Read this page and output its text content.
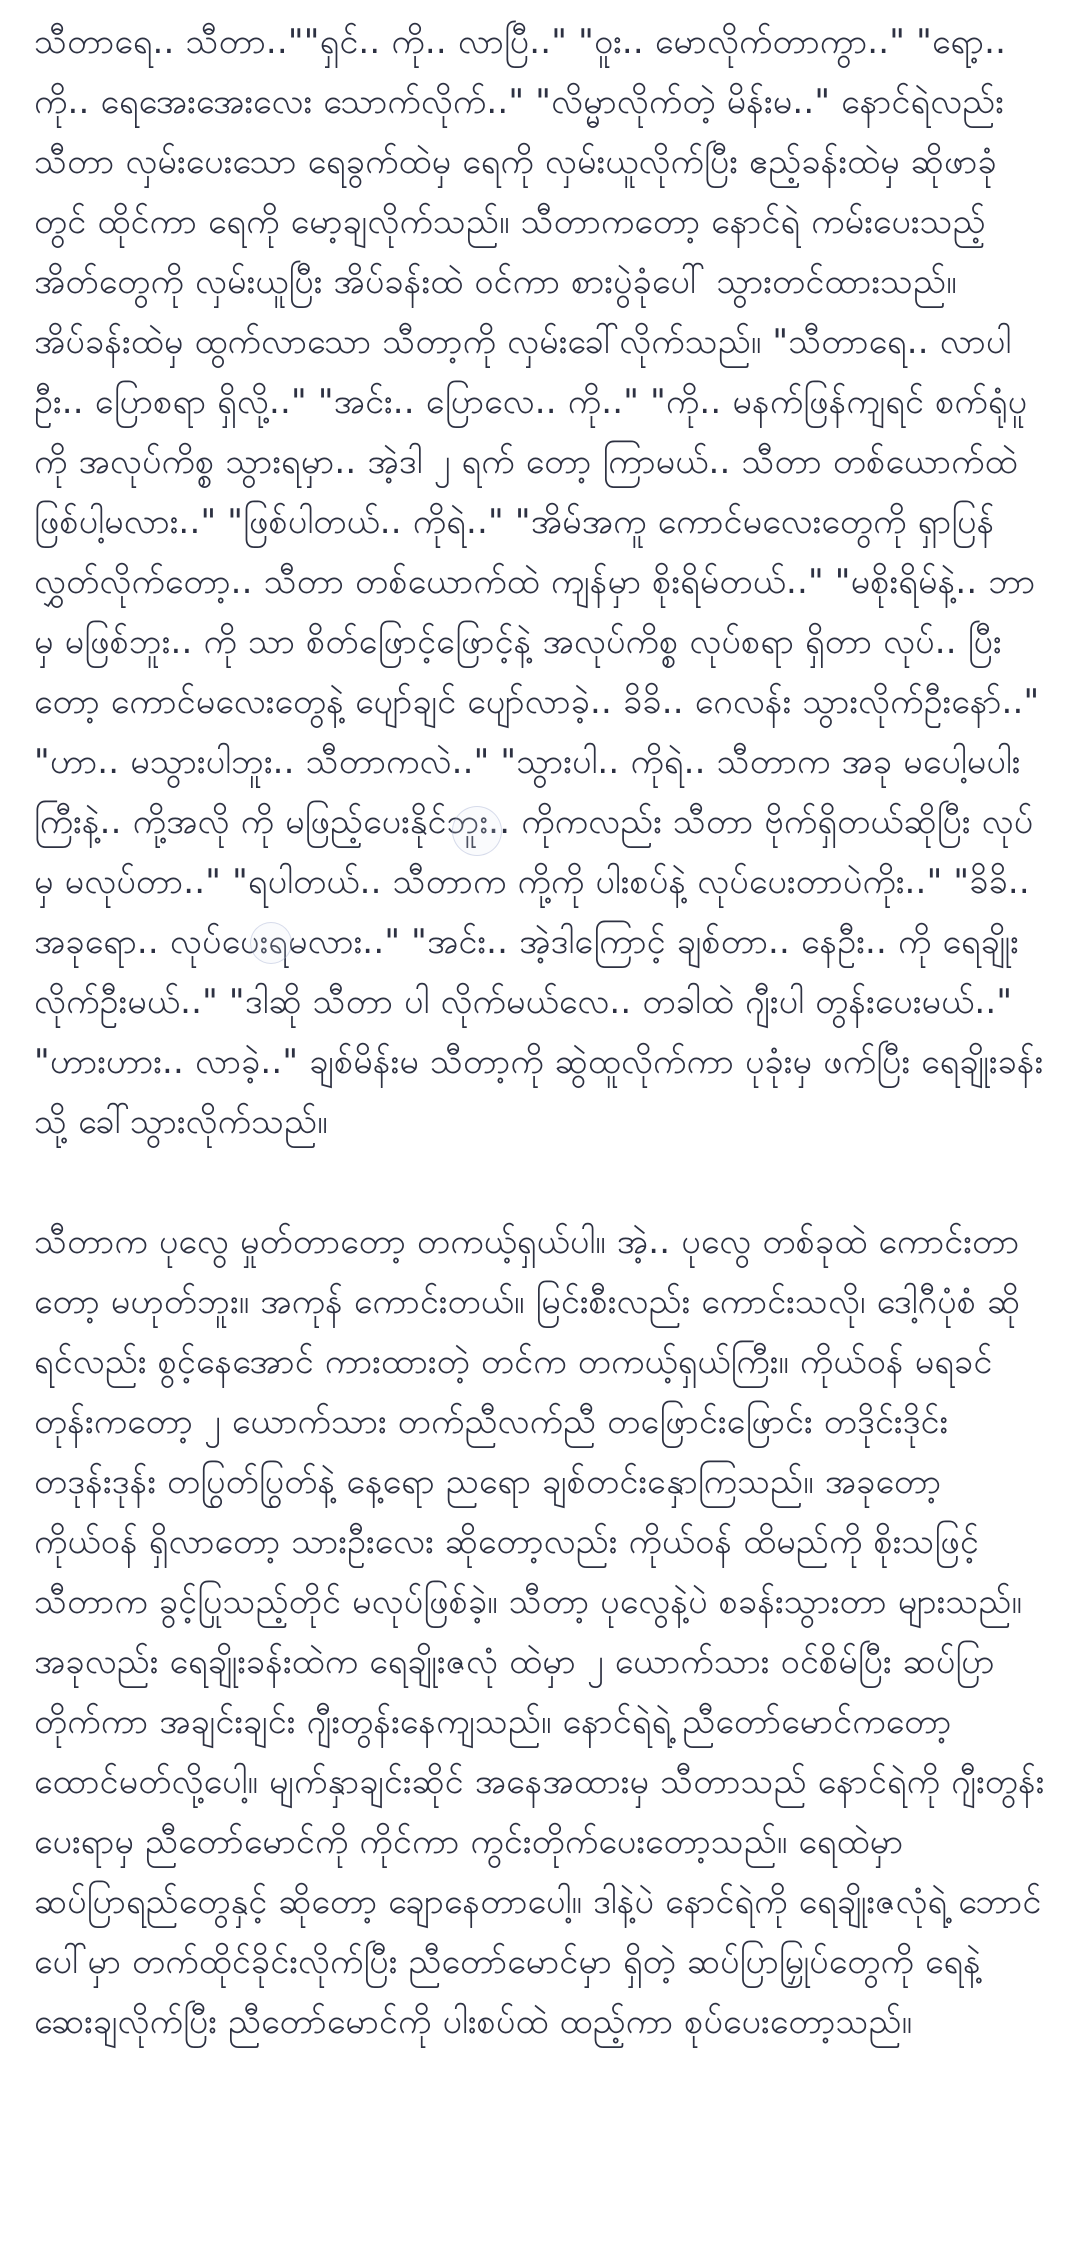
သီတာရေ.. သီတာ..""ရှင်.. ကို.. လာပြီ.." "ဝူး.. မောလိုက်တာကွာ.." "ရော့.. ကို.. ရေအေးအေးလေး သောက်လိုက်.." "လိမ္မာလိုက်တဲ့ မိန်းမ.." နောင်ရဲလည်း သီတာ လှမ်းပေးသော ရေခွက်ထဲမှ ရေကို လှမ်းယူလိုက်ပြီး ဧည့်ခန်းထဲမှ ဆိုဖာခုံတွင် ထိုင်ကာ ရေကို မော့ချလိုက်သည်။ သီတာကတော့ နောင်ရဲ ကမ်းပေးသည့် အိတ်တွေကို လှမ်းယူပြီး အိပ်ခန်းထဲ ဝင်ကာ စားပွဲခုံပေါ် သွားတင်ထားသည်။ အိပ်ခန်းထဲမှ ထွက်လာသော သီတာ့ကို လှမ်းခေါ်လိုက်သည်။ "သီတာရေ.. လာပါဦး.. ပြောစရာ ရှိလို့.." "အင်း.. ပြောလေ.. ကို.." "ကို.. မနက်ဖြန်ကျရင် စက်ရုံပူကို အလုပ်ကိစ္စ သွားရမှာ.. အဲ့ဒါ ၂ ရက် တော့ ကြာမယ်.. သီတာ တစ်ယောက်ထဲ ဖြစ်ပါ့မလား.." "ဖြစ်ပါတယ်.. ကိုရဲ.." "အိမ်အကူ ကောင်မလေးတွေကို ရှာပြန်လွှတ်လိုက်တော့.. သီတာ တစ်ယောက်ထဲ ကျန်မှာ စိုးရိမ်တယ်.." "မစိုးရိမ်နဲ့.. ဘာမှ မဖြစ်ဘူး.. ကို သာ စိတ်ဖြောင့်ဖြောင့်နဲ့ အလုပ်ကိစ္စ လုပ်စရာ ရှိတာ လုပ်.. ပြီးတော့ ကောင်မလေးတွေနဲ့ ပျော်ချင် ပျော်လာခဲ့.. ခိခိ.. ဂေလန်း သွားလိုက်ဦးနော်.." "ဟာ.. မသွားပါဘူး.. သီတာကလဲ.." "သွားပါ.. ကိုရဲ.. သီတာက အခု မပေါ့မပါးကြီးနဲ့.. ကို့အလို ကို မဖြည့်ပေးနိုင်ဘူး.. ကိုကလည်း သီတာ ဗိုက်ရှိတယ်ဆိုပြီး လုပ်မှ မလုပ်တာ.." "ရပါတယ်.. သီတာက ကို့ကို ပါးစပ်နဲ့ လုပ်ပေးတာပဲကိုး.." "ခိခိ.. အခုရော.. လုပ်ပေးရမလား.." "အင်း.. အဲ့ဒါကြောင့် ချစ်တာ.. နေဦး.. ကို ရေချိုး လိုက်ဦးမယ်.." "ဒါဆို သီတာ ပါ လိုက်မယ်လေ.. တခါထဲ ဂျီးပါ တွန်းပေးမယ်.." "ဟားဟား.. လာခဲ့.." ချစ်မိန်းမ သီတာ့ကို ဆွဲထူလိုက်ကာ ပုခုံးမှ ဖက်ပြီး ရေချိုးခန်းသို့ ခေါ်သွားလိုက်သည်။

သီတာက ပုလွေ မှုတ်တာတော့ တကယ့်ရှယ်ပါ။ အဲ့.. ပုလွေ တစ်ခုထဲ ကောင်းတာတော့ မဟုတ်ဘူး။ အကုန် ကောင်းတယ်။ မြင်းစီးလည်း ကောင်းသလို၊ ဒေါ့ဂီပုံစံ ဆိုရင်လည်း စွင့်နေအောင် ကားထားတဲ့ တင်က တကယ့်ရှယ်ကြီး။ ကိုယ်ဝန် မရခင်တုန်းကတော့ ၂ ယောက်သား တက်ညီလက်ညီ တဖြောင်းဖြောင်း တဒိုင်းဒိုင်း တဒုန်းဒုန်း တပြွတ်ပြွတ်နဲ့ နေ့ရော ညရော ချစ်တင်းနှောကြသည်။ အခုတော့ ကိုယ်ဝန် ရှိလာတော့ သားဦးလေး ဆိုတော့လည်း ကိုယ်ဝန် ထိမည်ကို စိုးသဖြင့် သီတာက ခွင့်ပြုသည့်တိုင် မလုပ်ဖြစ်ခဲ့။ သီတာ့ ပုလွေနဲ့ပဲ စခန်းသွားတာ များသည်။ အခုလည်း ရေချိုးခန်းထဲက ရေချိုးဇလုံ ထဲမှာ ၂ ယောက်သား ဝင်စိမ်ပြီး ဆပ်ပြာတိုက်ကာ အချင်းချင်း ဂျီးတွန်းနေကျသည်။ နောင်ရဲရဲ့ ညီတော်မောင်ကတော့ ထောင်မတ်လို့ပေါ့။ မျက်နှာချင်းဆိုင် အနေအထားမှ သီတာသည် နောင်ရဲကို ဂျီးတွန်းပေးရာမှ ညီတော်မောင်ကို ကိုင်ကာ ကွင်းတိုက်ပေးတော့သည်။ ရေထဲမှာ ဆပ်ပြာရည်တွေနှင့် ဆိုတော့ ချောနေတာပေါ့။ ဒါနဲ့ပဲ နောင်ရဲကို ရေချိုးဇလုံရဲ့ ဘောင်ပေါ်မှာ တက်ထိုင်ခိုင်းလိုက်ပြီး ညီတော်မောင်မှာ ရှိတဲ့ ဆပ်ပြာမြှုပ်တွေကို ရေနဲ့ ဆေးချလိုက်ပြီး ညီတော်မောင်ကို ပါးစပ်ထဲ ထည့်ကာ စုပ်ပေးတော့သည်။
